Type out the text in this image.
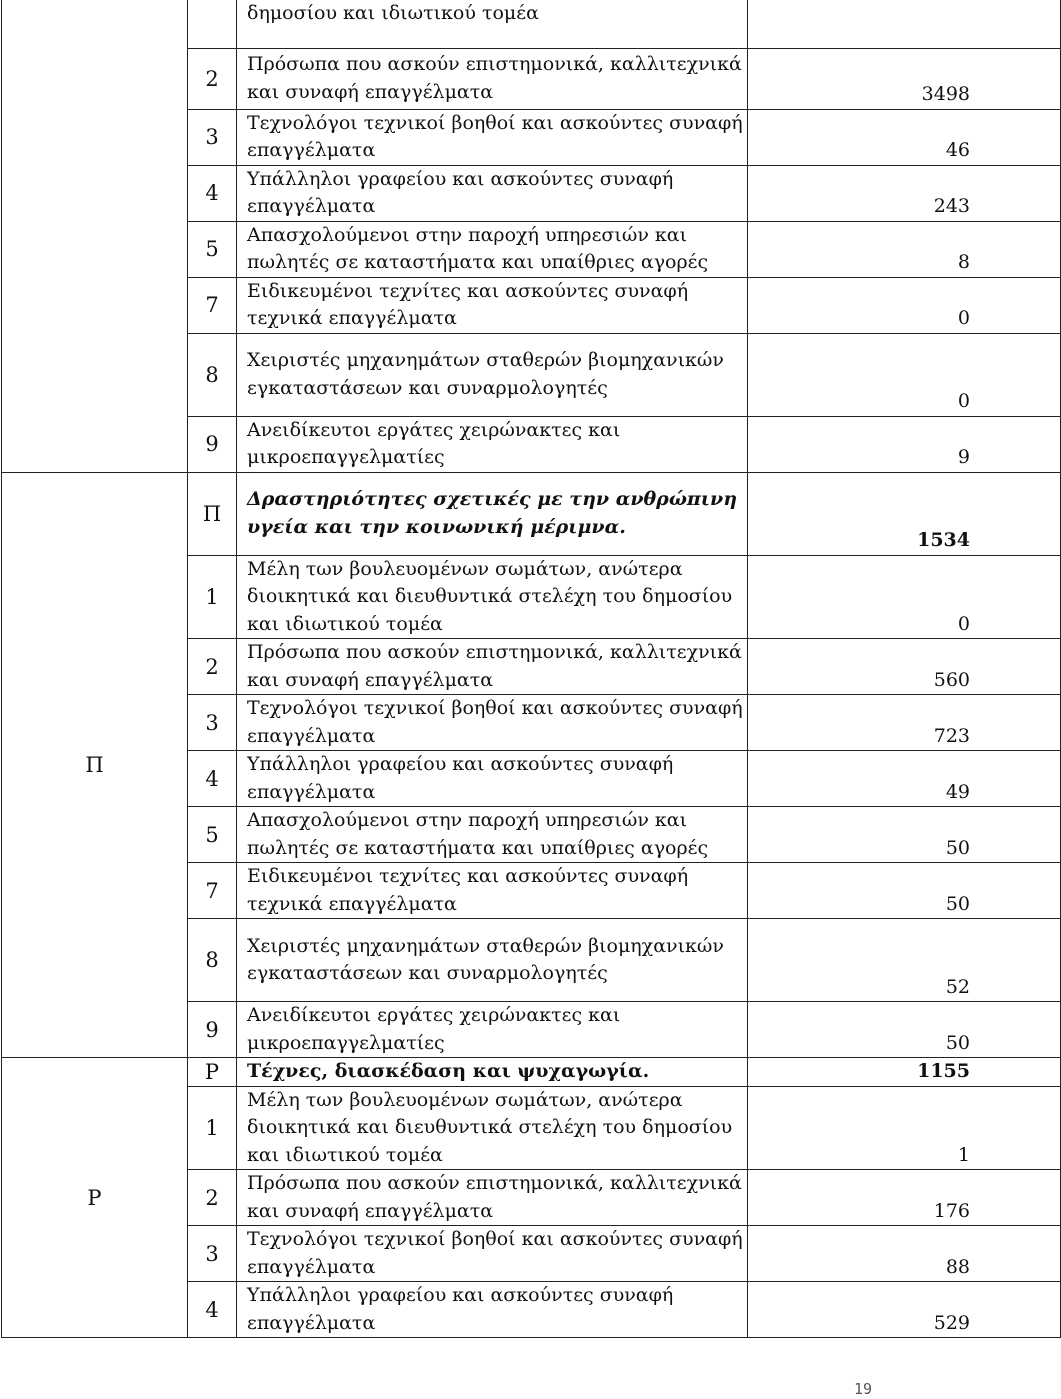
		δημοσίου και ιδιωτικού τομέα	
	2	Πρόσωπα που ασκούν επιστημονικά, καλλιτεχνικά και συναφή επαγγέλματα	3498
	3	Τεχνολόγοι τεχνικοί βοηθοί και ασκούντες συναφή επαγγέλματα	46
	4	Υπάλληλοι γραφείου και ασκούντες συναφή επαγγέλματα	243
	5	Απασχολούμενοι στην παροχή υπηρεσιών και πωλητές σε καταστήματα και υπαίθριες αγορές	8
	7	Ειδικευμένοι τεχνίτες και ασκούντες συναφή τεχνικά επαγγέλματα	0
	8	Χειριστές μηχανημάτων σταθερών βιομηχανικών εγκαταστάσεων και συναρμολογητές	0
	9	Ανειδίκευτοι εργάτες χειρώνακτες και μικροεπαγγελματίες	9
Π	Π	Δραστηριότητες σχετικές με την ανθρώπινη υγεία και την κοινωνική μέριμνα.	1534
	1	Μέλη των βουλευομένων σωμάτων, ανώτερα διοικητικά και διευθυντικά στελέχη του δημοσίου και ιδιωτικού τομέα	0
	2	Πρόσωπα που ασκούν επιστημονικά, καλλιτεχνικά και συναφή επαγγέλματα	560
	3	Τεχνολόγοι τεχνικοί βοηθοί και ασκούντες συναφή επαγγέλματα	723
	4	Υπάλληλοι γραφείου και ασκούντες συναφή επαγγέλματα	49
	5	Απασχολούμενοι στην παροχή υπηρεσιών και πωλητές σε καταστήματα και υπαίθριες αγορές	50
	7	Ειδικευμένοι τεχνίτες και ασκούντες συναφή τεχνικά επαγγέλματα	50
	8	Χειριστές μηχανημάτων σταθερών βιομηχανικών εγκαταστάσεων και συναρμολογητές	52
	9	Ανειδίκευτοι εργάτες χειρώνακτες και μικροεπαγγελματίες	50
Ρ	Ρ	Τέχνες, διασκέδαση και ψυχαγωγία.	1155
	1	Μέλη των βουλευομένων σωμάτων, ανώτερα διοικητικά και διευθυντικά στελέχη του δημοσίου και ιδιωτικού τομέα	1
	2	Πρόσωπα που ασκούν επιστημονικά, καλλιτεχνικά και συναφή επαγγέλματα	176
	3	Τεχνολόγοι τεχνικοί βοηθοί και ασκούντες συναφή επαγγέλματα	88
	4	Υπάλληλοι γραφείου και ασκούντες συναφή επαγγέλματα	529
19
